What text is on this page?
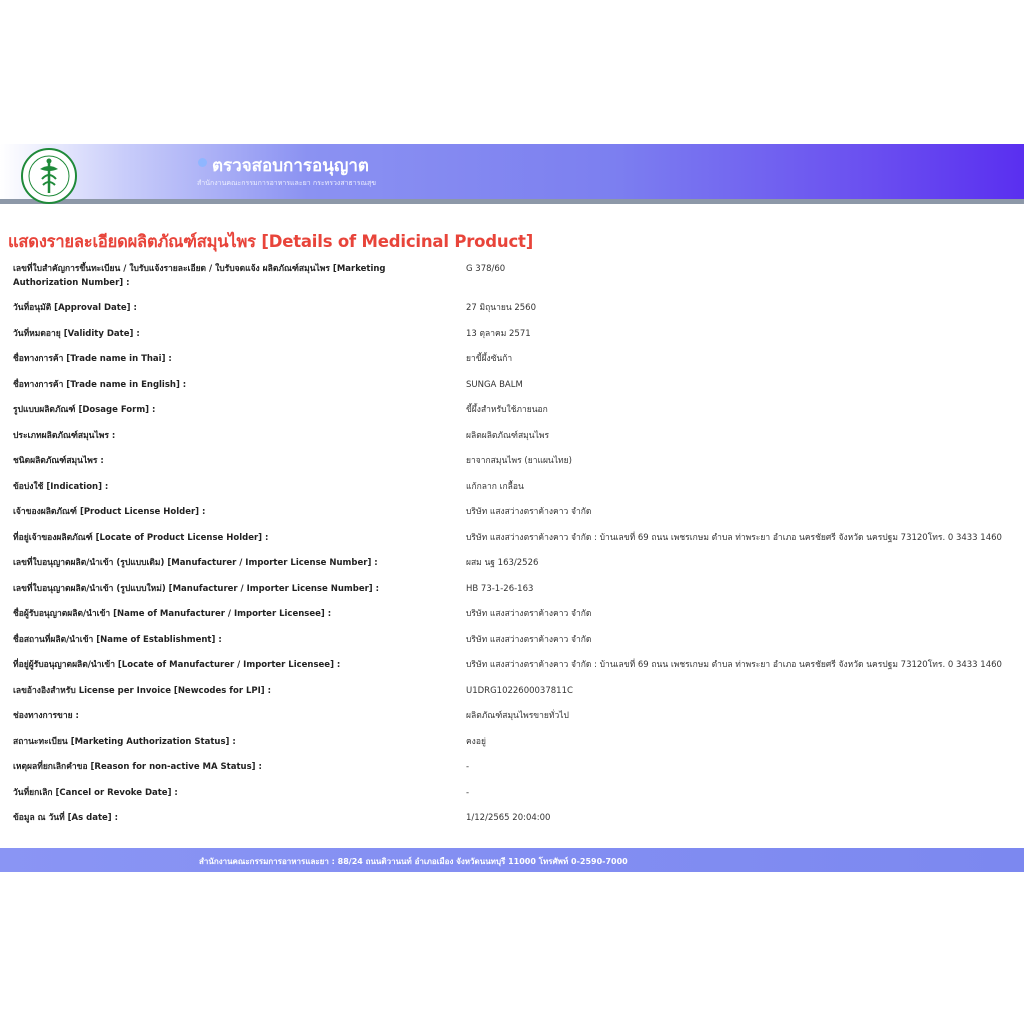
ตรวจสอบการอนุญาต
สำนักงานคณะกรรมการอาหารและยา กระทรวงสาธารณสุข
แสดงรายละเอียดผลิตภัณฑ์สมุนไพร [Details of Medicinal Product]
เลขที่ใบสำคัญการขึ้นทะเบียน / ใบรับแจ้งรายละเอียด / ใบรับจดแจ้ง ผลิตภัณฑ์สมุนไพร [Marketing Authorization Number] :
G 378/60
วันที่อนุมัติ [Approval Date] :	27 มิถุนายน 2560
วันที่หมดอายุ [Validity Date] :	13 ตุลาคม 2571
ชื่อทางการค้า [Trade name in Thai] :	ยาขี้ผึ้งซันก้า
ชื่อทางการค้า [Trade name in English] :	SUNGA BALM
รูปแบบผลิตภัณฑ์ [Dosage Form] :	ขี้ผึ้งสำหรับใช้ภายนอก
ประเภทผลิตภัณฑ์สมุนไพร :	ผลิตผลิตภัณฑ์สมุนไพร
ชนิดผลิตภัณฑ์สมุนไพร :	ยาจากสมุนไพร (ยาแผนไทย)
ข้อบ่งใช้ [Indication] :	แก้กลาก เกลื้อน
เจ้าของผลิตภัณฑ์ [Product License Holder] :	บริษัท แสงสว่างตราค้างคาว จำกัด
ที่อยู่เจ้าของผลิตภัณฑ์ [Locate of Product License Holder] :	บริษัท แสงสว่างตราค้างคาว จำกัด : บ้านเลขที่ 69 ถนน เพชรเกษม ตำบล ท่าพระยา อำเภอ นครชัยศรี จังหวัด นครปฐม 73120โทร. 0 3433 1460
เลขที่ใบอนุญาตผลิต/นำเข้า (รูปแบบเดิม) [Manufacturer / Importer License Number] :	ผสม นฐ 163/2526
เลขที่ใบอนุญาตผลิต/นำเข้า (รูปแบบใหม่) [Manufacturer / Importer License Number] :	HB 73-1-26-163
ชื่อผู้รับอนุญาตผลิต/นำเข้า [Name of Manufacturer / Importer Licensee] :	บริษัท แสงสว่างตราค้างคาว จำกัด
ชื่อสถานที่ผลิต/นำเข้า [Name of Establishment] :	บริษัท แสงสว่างตราค้างคาว จำกัด
ที่อยู่ผู้รับอนุญาตผลิต/นำเข้า [Locate of Manufacturer / Importer Licensee] :	บริษัท แสงสว่างตราค้างคาว จำกัด : บ้านเลขที่ 69 ถนน เพชรเกษม ตำบล ท่าพระยา อำเภอ นครชัยศรี จังหวัด นครปฐม 73120โทร. 0 3433 1460
เลขอ้างอิงสำหรับ License per Invoice [Newcodes for LPI] :	U1DRG1022600037811C
ช่องทางการขาย :	ผลิตภัณฑ์สมุนไพรขายทั่วไป
สถานะทะเบียน [Marketing Authorization Status] :	คงอยู่
เหตุผลที่ยกเลิกคำขอ [Reason for non-active MA Status] :	-
วันที่ยกเลิก [Cancel or Revoke Date] :	-
ข้อมูล ณ วันที่ [As date] :	1/12/2565 20:04:00
สำนักงานคณะกรรมการอาหารและยา : 88/24 ถนนติวานนท์ อำเภอเมือง จังหวัดนนทบุรี 11000 โทรศัพท์ 0-2590-7000
